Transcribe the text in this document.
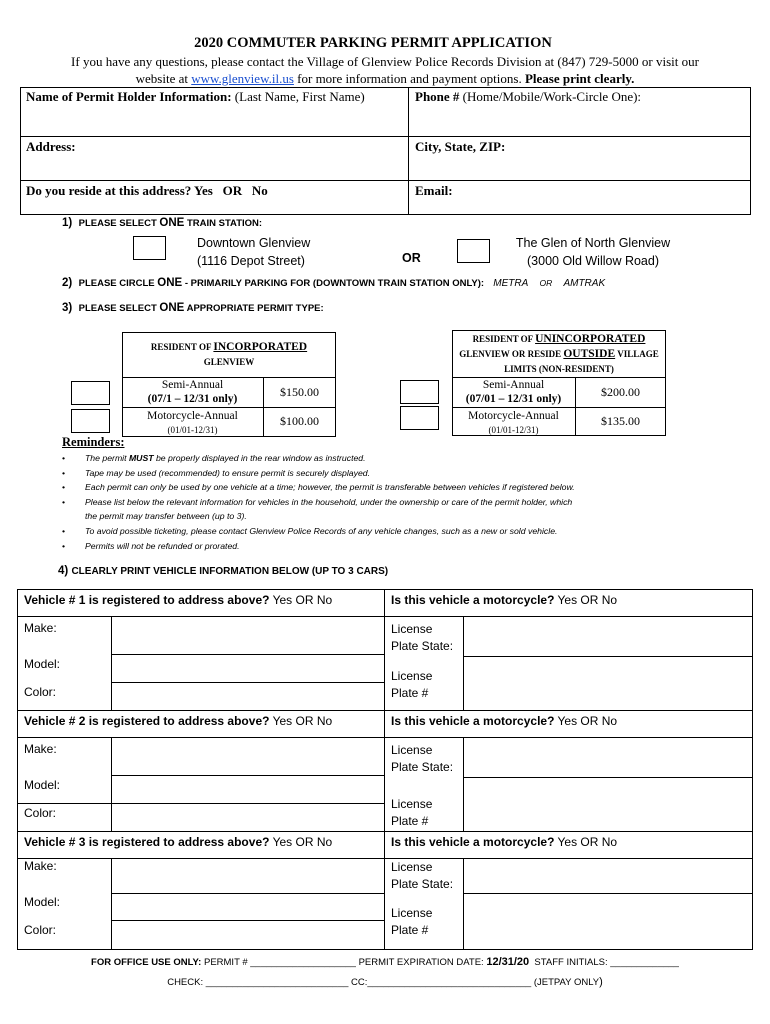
2020 COMMUTER PARKING PERMIT APPLICATION
If you have any questions, please contact the Village of Glenview Police Records Division at (847) 729-5000 or visit our
website at www.glenview.il.us for more information and payment options. Please print clearly.
Name of Permit Holder Information: (Last Name, First Name)	Phone # (Home/Mobile/Work-Circle One):
Address:	City, State, ZIP:
Do you reside at this address? Yes   OR   No	Email:
1) PLEASE SELECT ONE TRAIN STATION:
Downtown Glenview
(1116 Depot Street)	OR
The Glen of North Glenview
(3000 Old Willow Road)
2) PLEASE CIRCLE ONE - PRIMARILY PARKING FOR (DOWNTOWN TRAIN STATION ONLY): METRA OR AMTRAK
3) PLEASE SELECT ONE APPROPRIATE PERMIT TYPE:
RESIDENT OF INCORPORATED
GLENVIEW
Semi-Annual
(07/1 – 12/31 only)	$150.00
Motorcycle-Annual
(01/01-12/31)
$100.00
RESIDENT OF UNINCORPORATED
GLENVIEW OR RESIDE OUTSIDE VILLAGE
LIMITS (NON-RESIDENT)
Semi-Annual
(07/01 – 12/31 only)	$200.00
Motorcycle-Annual
(01/01-12/31)
$135.00
Reminders:
• The permit MUST be properly displayed in the rear window as instructed.
• Tape may be used (recommended) to ensure permit is securely displayed.
• Each permit can only be used by one vehicle at a time; however, the permit is transferable between vehicles if registered below.
• Please list below the relevant information for vehicles in the household, under the ownership or care of the permit holder, which
the permit may transfer between (up to 3).
• To avoid possible ticketing, please contact Glenview Police Records of any vehicle changes, such as a new or sold vehicle.
• Permits will not be refunded or prorated.
4) CLEARLY PRINT VEHICLE INFORMATION BELOW (UP TO 3 CARS)
Vehicle # 1 is registered to address above? Yes OR No	Is this vehicle a motorcycle? Yes OR No
Make:
Model:
Color:
License
Plate State:
License
Plate #
Vehicle # 2 is registered to address above? Yes OR No	Is this vehicle a motorcycle? Yes OR No
Make:
Model:
Color:
License
Plate State:
License
Plate #
Vehicle # 3 is registered to address above? Yes OR No	Is this vehicle a motorcycle? Yes OR No
Make:
Model:
Color:
License
Plate State:
License
Plate #
FOR OFFICE USE ONLY: PERMIT # ____________________ PERMIT EXPIRATION DATE: 12/31/20  STAFF INITIALS: _____________
CHECK: ___________________________ CC:_______________________________ (JETPAY ONLY)
